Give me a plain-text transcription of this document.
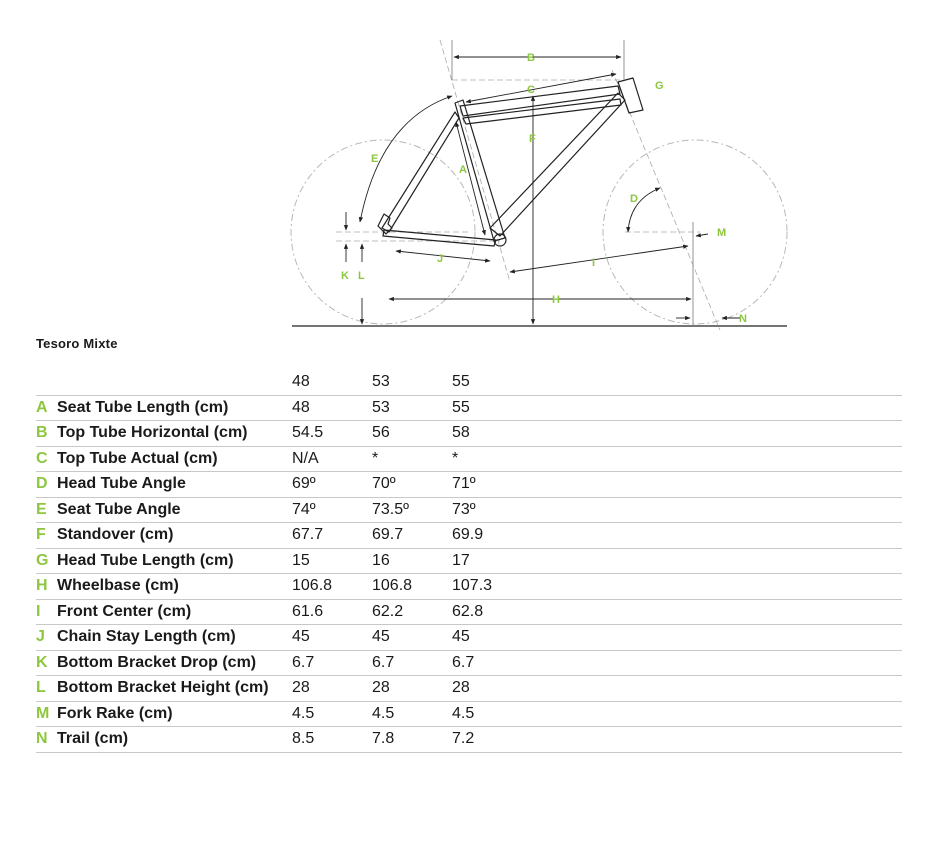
B
C	G
F
E
A
D
M
J	I
K L
H
N
Tesoro Mixte
		48	53	55	
A	Seat Tube Length (cm)	48	53	55	
B	Top Tube Horizontal (cm)	54.5	56	58	
C	Top Tube Actual (cm)	N/A	*	*	
D	Head Tube Angle	69º	70º	71º	
E	Seat Tube Angle	74º	73.5º	73º	
F	Standover (cm)	67.7	69.7	69.9	
G	Head Tube Length (cm)	15	16	17	
H	Wheelbase (cm)	106.8	106.8	107.3	
I	Front Center (cm)	61.6	62.2	62.8	
J	Chain Stay Length (cm)	45	45	45	
K	Bottom Bracket Drop (cm)	6.7	6.7	6.7	
L	Bottom Bracket Height (cm)	28	28	28	
M	Fork Rake (cm)	4.5	4.5	4.5	
N	Trail (cm)	8.5	7.8	7.2	
